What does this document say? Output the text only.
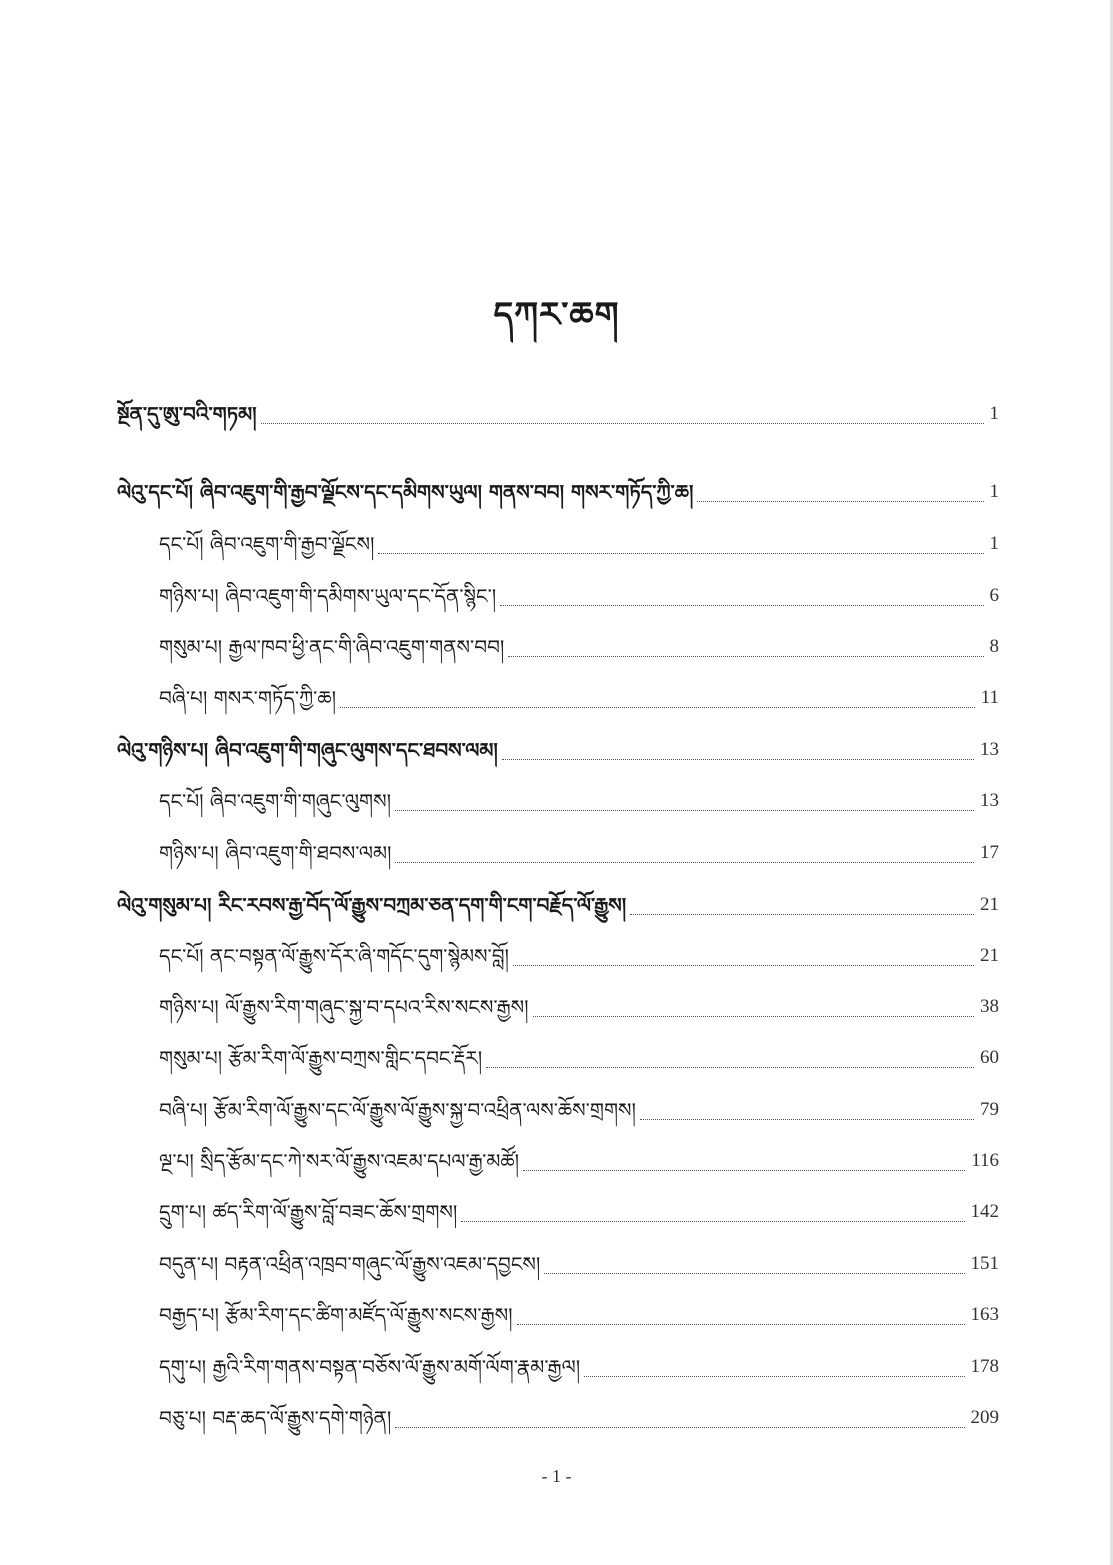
དཀར་ཆག
སྔོན་དུ་ཨུ་བའི་གཏམ།	1
ལེའུ་དང་པོ། ཞིབ་འཇུག་གི་རྒྱབ་ལྗོངས་དང་དམིགས་ཡུལ། གནས་བབ། གསར་གཏོད་ཀྱི་ཆ།	1
དང་པོ། ཞིབ་འཇུག་གི་རྒྱབ་ལྗོངས།	1
གཉིས་པ། ཞིབ་འཇུག་གི་དམིགས་ཡུལ་དང་དོན་སྙིང་།	6
གསུམ་པ། རྒྱལ་ཁབ་ཕྱི་ནང་གི་ཞིབ་འཇུག་གནས་བབ།	8
བཞི་པ། གསར་གཏོད་ཀྱི་ཆ།	11
ལེའུ་གཉིས་པ། ཞིབ་འཇུག་གི་གཞུང་ལུགས་དང་ཐབས་ལམ།	13
དང་པོ། ཞིབ་འཇུག་གི་གཞུང་ལུགས།	13
གཉིས་པ། ཞིབ་འཇུག་གི་ཐབས་ལམ།	17
ལེའུ་གསུམ་པ། རིང་རབས་རྒྱ་བོད་ལོ་རྒྱུས་བཀྲམ་ཅན་དག་གི་ངག་བརྗོད་ལོ་རྒྱུས།	21
དང་པོ། ནང་བསྟན་ལོ་རྒྱུས་དོར་ཞི་གདོང་དུག་སྙེམས་བློ།	21
གཉིས་པ། ལོ་རྒྱུས་རིག་གཞུང་སྐྱ་བ་དཔའ་རིས་སངས་རྒྱས།	38
གསུམ་པ། རྩོམ་རིག་ལོ་རྒྱུས་བཀྲས་གླིང་དབང་རྡོར།	60
བཞི་པ། རྩོམ་རིག་ལོ་རྒྱུས་དང་ལོ་རྒྱུས་ལོ་རྒྱུས་སྐྱ་བ་འཕྲིན་ལས་ཆོས་གྲགས།	79
ལྔ་པ། སྲིད་རྩོམ་དང་ཀེ་སར་ལོ་རྒྱུས་འཇམ་དཔལ་རྒྱ་མཚོ།	116
དྲུག་པ། ཚད་རིག་ལོ་རྒྱུས་བློ་བཟང་ཆོས་གྲགས།	142
བདུན་པ། བརྟན་འཕྲིན་འཁྲབ་གཞུང་ལོ་རྒྱུས་འཇམ་དབྱངས།	151
བརྒྱད་པ། རྩོམ་རིག་དང་ཚིག་མཛོད་ལོ་རྒྱུས་སངས་རྒྱས།	163
དགུ་པ། རྒྱའི་རིག་གནས་བསྟན་བཅོས་ལོ་རྒྱུས་མགོ་ལོག་རྣམ་རྒྱལ།	178
བཅུ་པ། བརྡ་ཆད་ལོ་རྒྱུས་དགེ་གཉེན།	209
- 1 -
